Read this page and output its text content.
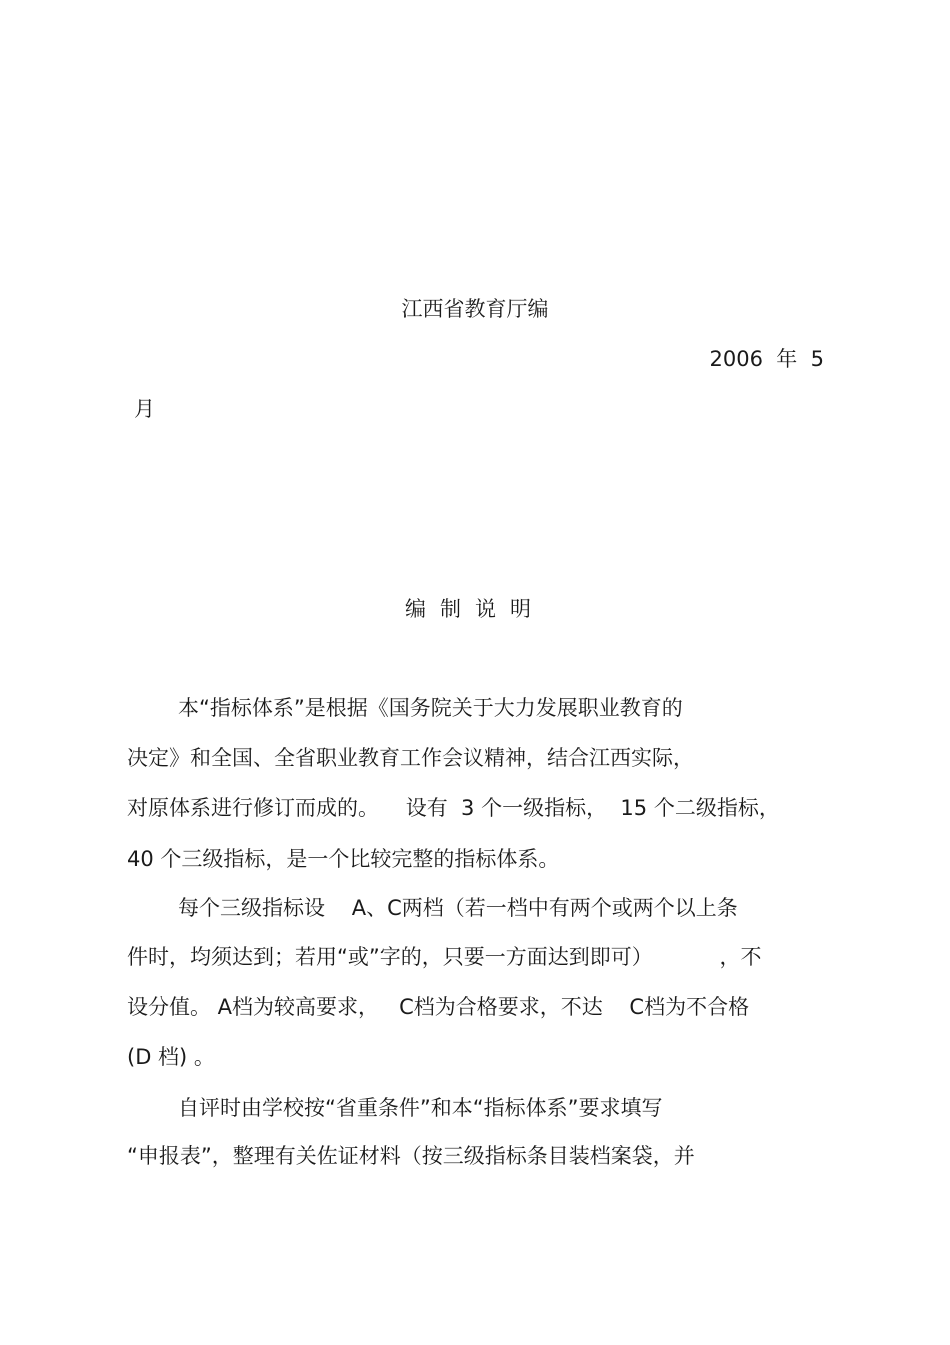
江西省教育厅编
2006  年  5
月
编制说明
本“指标体系”是根据《国务院关于大力发展职业教育的
决定》和全国、全省职业教育工作会议精神，结合江西实际，
对原体系进行修订而成的。    设有  3 个一级指标，  15 个二级指标，
40 个三级指标，是一个比较完整的指标体系。
每个三级指标设    A、C两档（若一档中有两个或两个以上条
件时，均须达到；若用“或”字的，只要一方面达到即可）          ，不
设分值。 A档为较高要求，   C档为合格要求，不达    C档为不合格
(D 档) 。
自评时由学校按“省重条件”和本“指标体系”要求填写
“申报表”，整理有关佐证材料（按三级指标条目装档案袋，并
